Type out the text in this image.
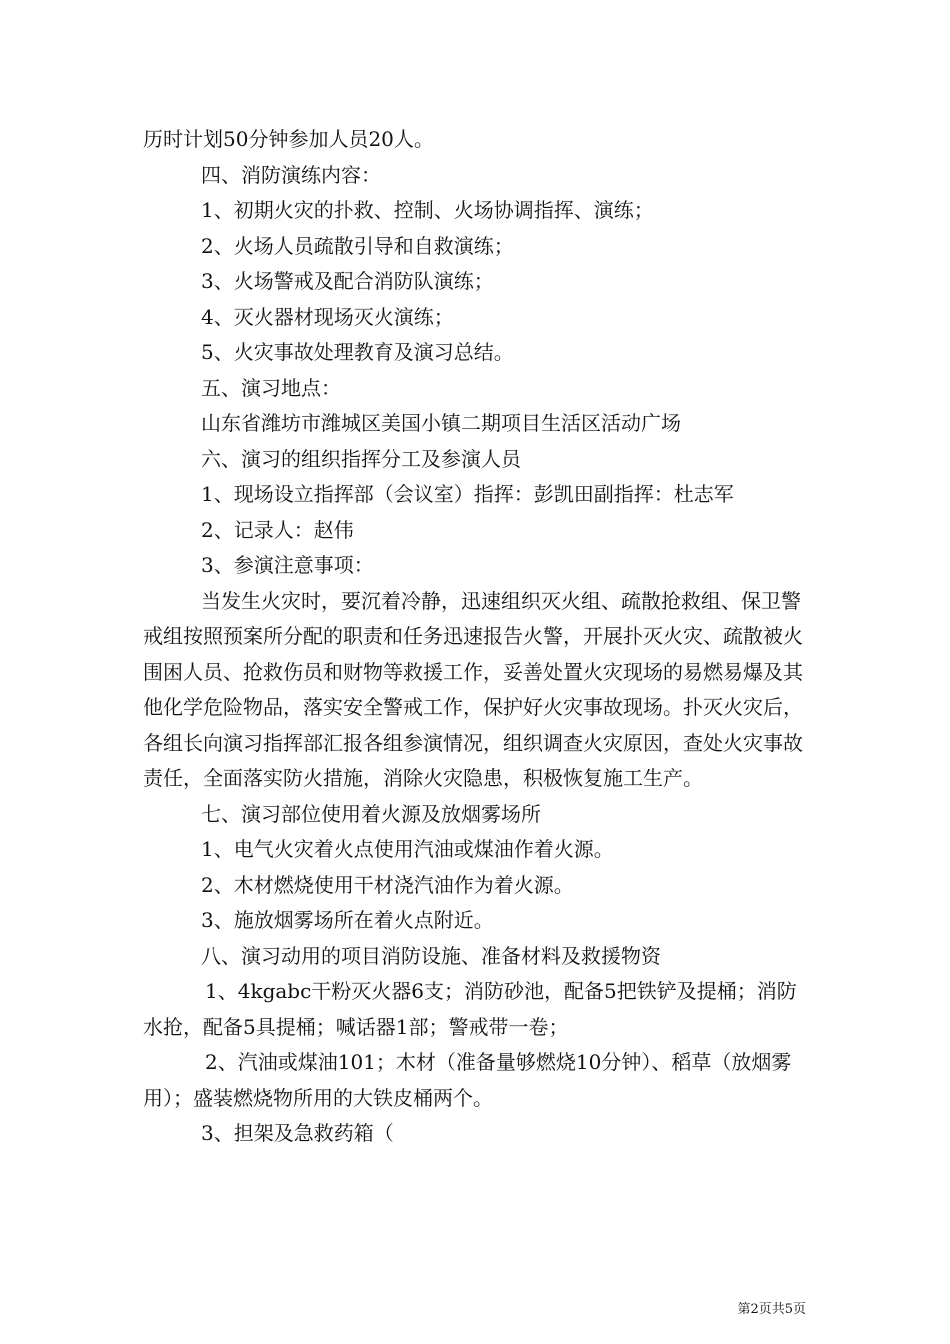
历时计划50分钟参加人员20人。

四、消防演练内容：

1、初期火灾的扑救、控制、火场协调指挥、演练；

2、火场人员疏散引导和自救演练；

3、火场警戒及配合消防队演练；

4、灭火器材现场灭火演练；

5、火灾事故处理教育及演习总结。

五、演习地点：

山东省潍坊市潍城区美国小镇二期项目生活区活动广场

六、演习的组织指挥分工及参演人员

1、现场设立指挥部（会议室）指挥：彭凯田副指挥：杜志军

2、记录人：赵伟

3、参演注意事项：

当发生火灾时，要沉着冷静，迅速组织灭火组、疏散抢救组、保卫警戒组按照预案所分配的职责和任务迅速报告火警，开展扑灭火灾、疏散被火围困人员、抢救伤员和财物等救援工作，妥善处置火灾现场的易燃易爆及其他化学危险物品，落实安全警戒工作，保护好火灾事故现场。扑灭火灾后，各组长向演习指挥部汇报各组参演情况，组织调查火灾原因，查处火灾事故责任，全面落实防火措施，消除火灾隐患，积极恢复施工生产。

七、演习部位使用着火源及放烟雾场所

1、电气火灾着火点使用汽油或煤油作着火源。

2、木材燃烧使用干材浇汽油作为着火源。

3、施放烟雾场所在着火点附近。

八、演习动用的项目消防设施、准备材料及救援物资

1、4kgabc干粉灭火器6支；消防砂池，配备5把铁铲及提桶；消防水抢，配备5具提桶；喊话器1部；警戒带一卷；

2、汽油或煤油101；木材（准备量够燃烧10分钟）、稻草（放烟雾用）；盛装燃烧物所用的大铁皮桶两个。

3、担架及急救药箱（

第2页共5页
